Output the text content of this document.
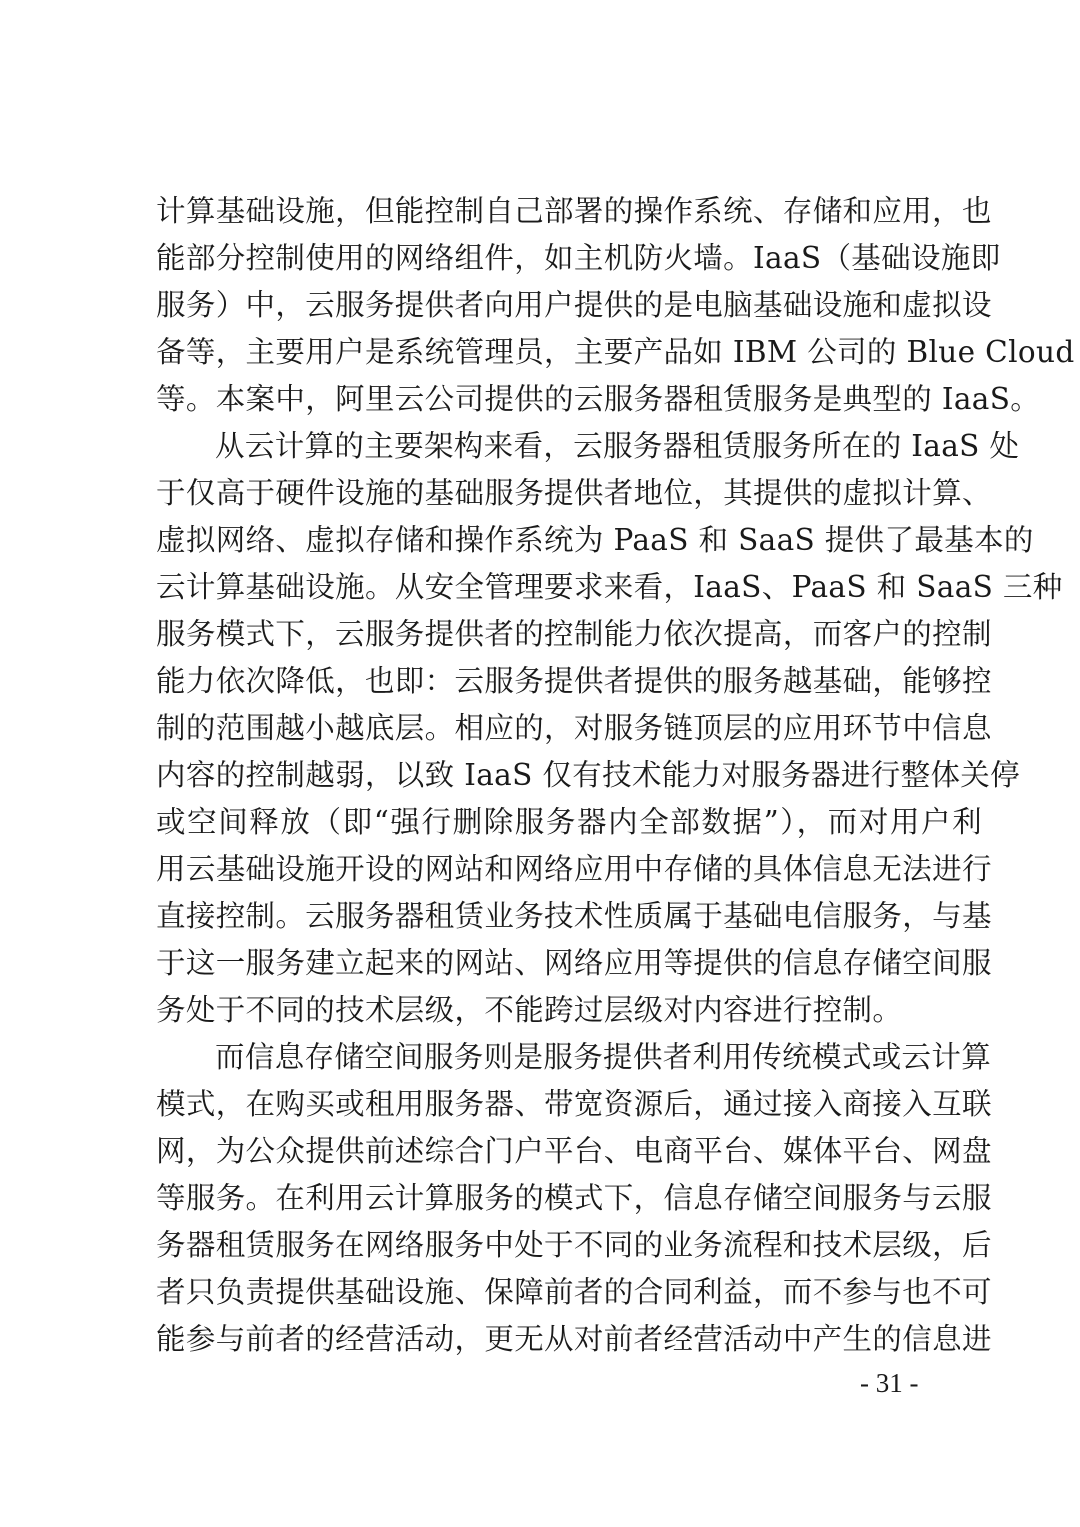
计算基础设施，但能控制自己部署的操作系统、存储和应用，也
能部分控制使用的网络组件，如主机防火墙。IaaS（基础设施即
服务）中，云服务提供者向用户提供的是电脑基础设施和虚拟设
备等，主要用户是系统管理员，主要产品如 IBM 公司的 Blue Cloud
等。本案中，阿里云公司提供的云服务器租赁服务是典型的 IaaS。
从云计算的主要架构来看，云服务器租赁服务所在的 IaaS 处
于仅高于硬件设施的基础服务提供者地位，其提供的虚拟计算、
虚拟网络、虚拟存储和操作系统为 PaaS 和 SaaS 提供了最基本的
云计算基础设施。从安全管理要求来看，IaaS、PaaS 和 SaaS 三种
服务模式下，云服务提供者的控制能力依次提高，而客户的控制
能力依次降低，也即：云服务提供者提供的服务越基础，能够控
制的范围越小越底层。相应的，对服务链顶层的应用环节中信息
内容的控制越弱，以致 IaaS 仅有技术能力对服务器进行整体关停
或空间释放（即“强行删除服务器内全部数据”），而对用户利
用云基础设施开设的网站和网络应用中存储的具体信息无法进行
直接控制。云服务器租赁业务技术性质属于基础电信服务，与基
于这一服务建立起来的网站、网络应用等提供的信息存储空间服
务处于不同的技术层级，不能跨过层级对内容进行控制。
而信息存储空间服务则是服务提供者利用传统模式或云计算
模式，在购买或租用服务器、带宽资源后，通过接入商接入互联
网，为公众提供前述综合门户平台、电商平台、媒体平台、网盘
等服务。在利用云计算服务的模式下，信息存储空间服务与云服
务器租赁服务在网络服务中处于不同的业务流程和技术层级，后
者只负责提供基础设施、保障前者的合同利益，而不参与也不可
能参与前者的经营活动，更无从对前者经营活动中产生的信息进
- 31 -
